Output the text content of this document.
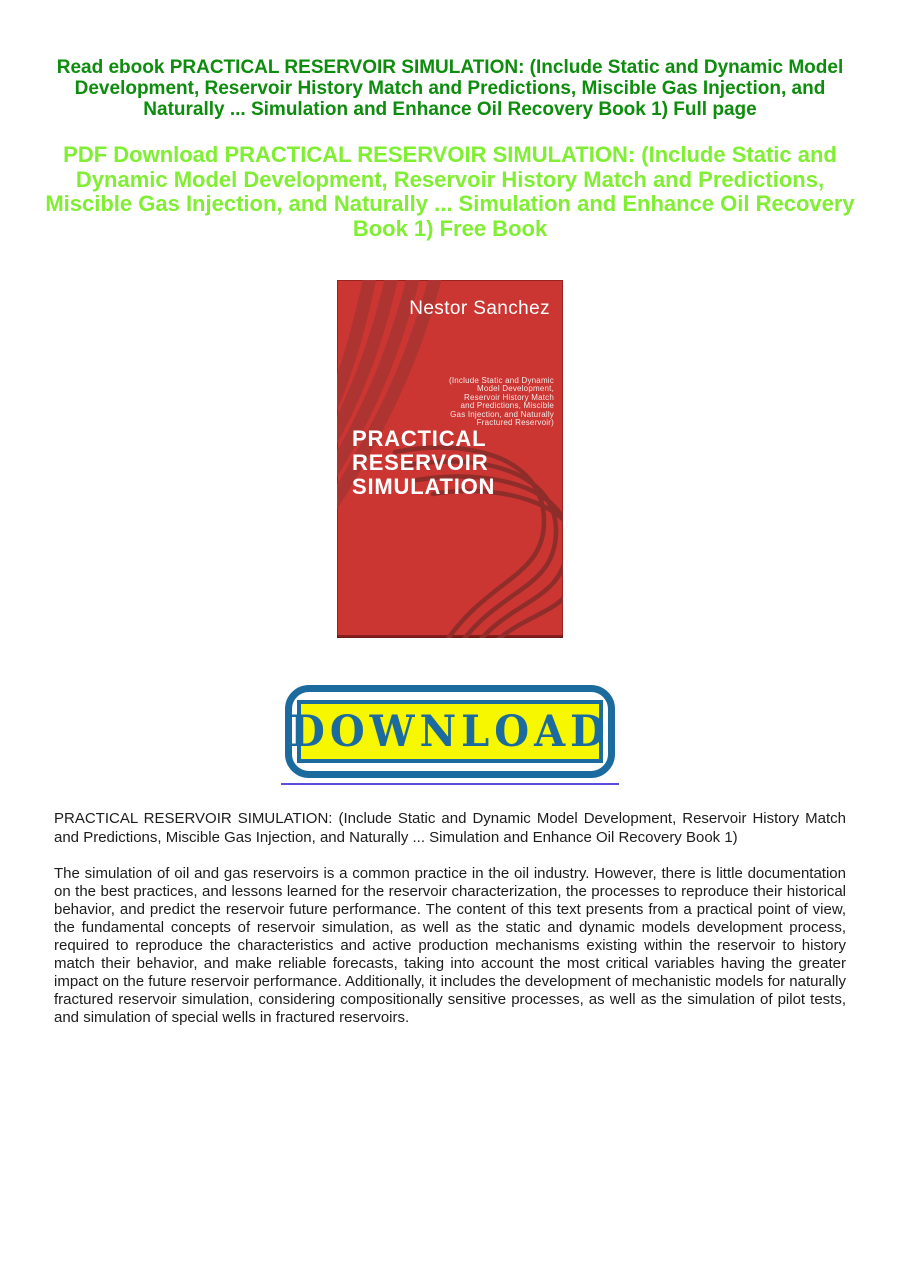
Read ebook PRACTICAL RESERVOIR SIMULATION: (Include Static and Dynamic Model Development, Reservoir History Match and Predictions, Miscible Gas Injection, and Naturally ... Simulation and Enhance Oil Recovery Book 1) Full page
PDF Download PRACTICAL RESERVOIR SIMULATION: (Include Static and Dynamic Model Development, Reservoir History Match and Predictions, Miscible Gas Injection, and Naturally ... Simulation and Enhance Oil Recovery Book 1) Free Book
Nestor Sanchez
(Include Static and Dynamic
Model Development,
Reservoir History Match
and Predictions, Miscible
Gas Injection, and Naturally
Fractured Reservoir)
PRACTICAL
RESERVOIR
SIMULATION
DOWNLOAD

PRACTICAL RESERVOIR SIMULATION: (Include Static and Dynamic Model Development, Reservoir History Match and Predictions, Miscible Gas Injection, and Naturally ... Simulation and Enhance Oil Recovery Book 1)

The simulation of oil and gas reservoirs is a common practice in the oil industry. However, there is little documentation on the best practices, and lessons learned for the reservoir characterization, the processes to reproduce their historical behavior, and predict the reservoir future performance. The content of this text presents from a practical point of view, the fundamental concepts of reservoir simulation, as well as the static and dynamic models development process, required to reproduce the characteristics and active production mechanisms existing within the reservoir to history match their behavior, and make reliable forecasts, taking into account the most critical variables having the greater impact on the future reservoir performance. Additionally, it includes the development of mechanistic models for naturally fractured reservoir simulation, considering compositionally sensitive processes, as well as the simulation of pilot tests, and simulation of special wells in fractured reservoirs.
